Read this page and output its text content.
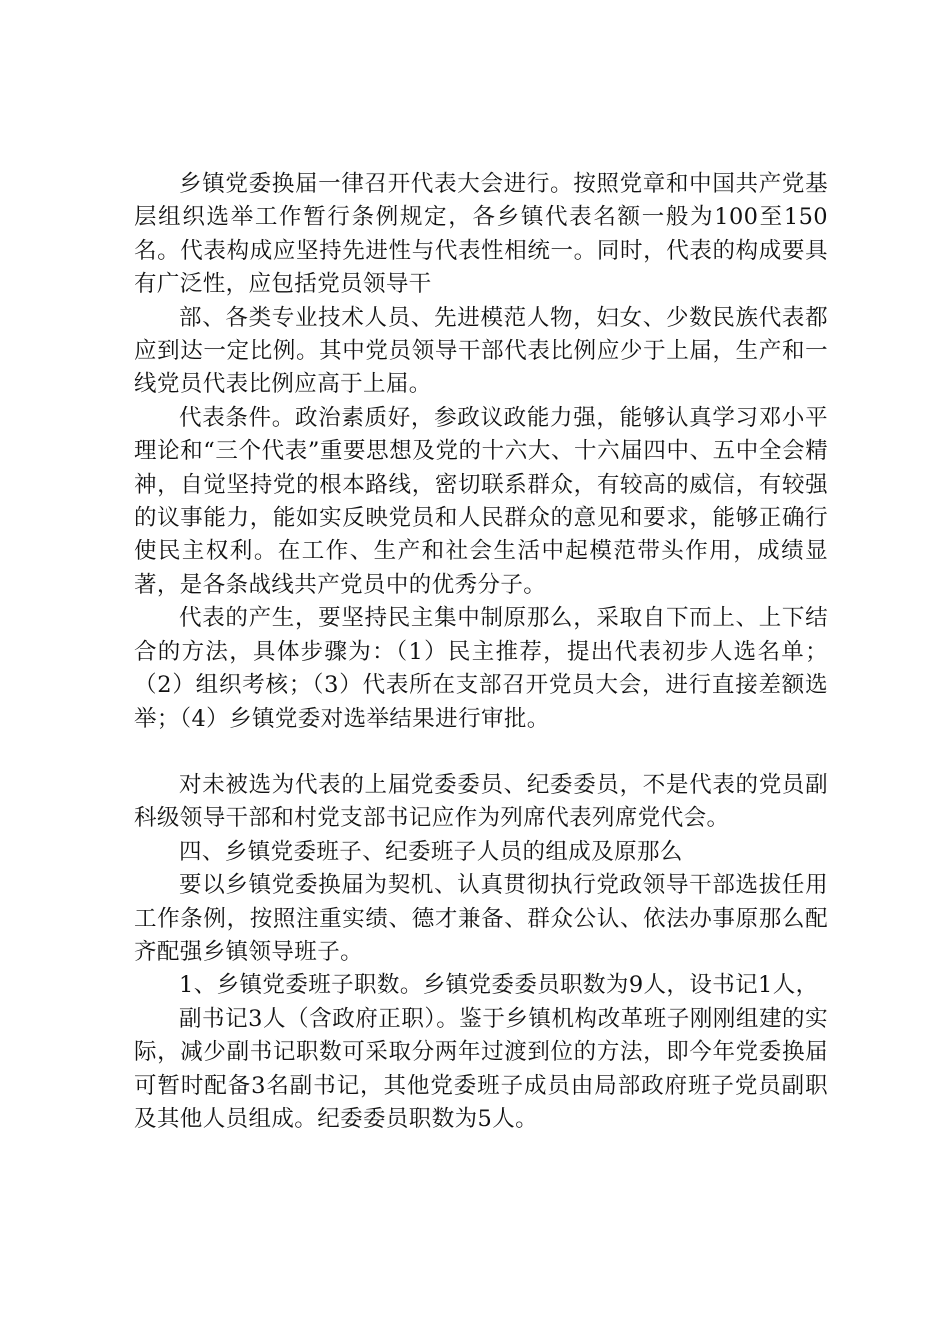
乡镇党委换届一律召开代表大会进行。按照党章和中国共产党基层组织选举工作暂行条例规定，各乡镇代表名额一般为100至150名。代表构成应坚持先进性与代表性相统一。同时，代表的构成要具有广泛性，应包括党员领导干

部、各类专业技术人员、先进模范人物，妇女、少数民族代表都应到达一定比例。其中党员领导干部代表比例应少于上届，生产和一线党员代表比例应高于上届。

代表条件。政治素质好，参政议政能力强，能够认真学习邓小平理论和“三个代表”重要思想及党的十六大、十六届四中、五中全会精神，自觉坚持党的根本路线，密切联系群众，有较高的威信，有较强的议事能力，能如实反映党员和人民群众的意见和要求，能够正确行使民主权利。在工作、生产和社会生活中起模范带头作用，成绩显著，是各条战线共产党员中的优秀分子。

代表的产生，要坚持民主集中制原那么，采取自下而上、上下结合的方法，具体步骤为：（1）民主推荐，提出代表初步人选名单；（2）组织考核；（3）代表所在支部召开党员大会，进行直接差额选举；（4）乡镇党委对选举结果进行审批。

对未被选为代表的上届党委委员、纪委委员，不是代表的党员副科级领导干部和村党支部书记应作为列席代表列席党代会。

四、乡镇党委班子、纪委班子人员的组成及原那么

要以乡镇党委换届为契机、认真贯彻执行党政领导干部选拔任用工作条例，按照注重实绩、德才兼备、群众公认、依法办事原那么配齐配强乡镇领导班子。

1、乡镇党委班子职数。乡镇党委委员职数为9人，设书记1人，

副书记3人（含政府正职）。鉴于乡镇机构改革班子刚刚组建的实际，减少副书记职数可采取分两年过渡到位的方法，即今年党委换届可暂时配备3名副书记，其他党委班子成员由局部政府班子党员副职及其他人员组成。纪委委员职数为5人。
